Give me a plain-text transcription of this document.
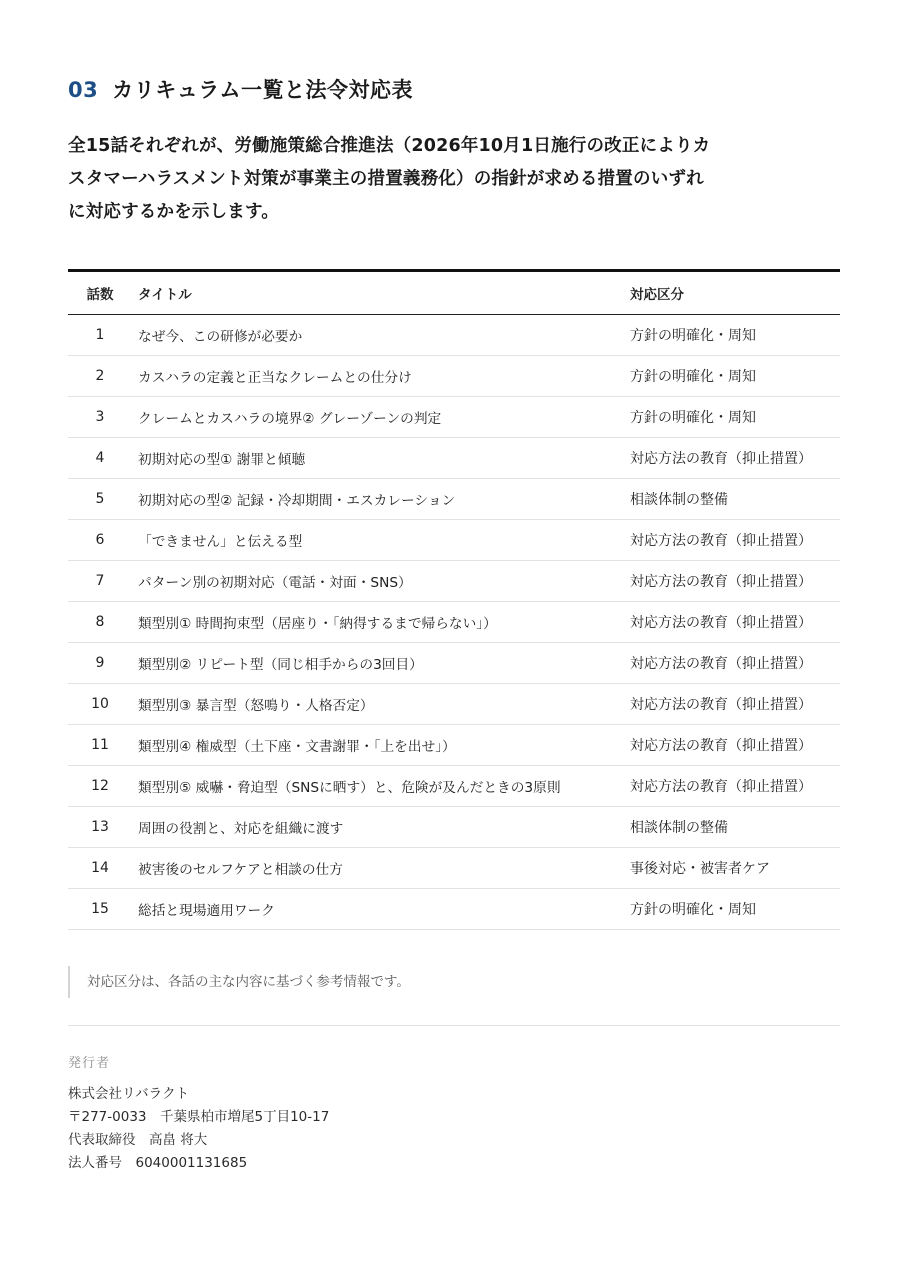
03 カリキュラム一覧と法令対応表
全15話それぞれが、労働施策総合推進法（2026年10月1日施行の改正によりカ
スタマーハラスメント対策が事業主の措置義務化）の指針が求める措置のいずれ
に対応するかを示します。
話数	タイトル	対応区分
1	なぜ今、この研修が必要か	方針の明確化・周知
2	カスハラの定義と正当なクレームとの仕分け	方針の明確化・周知
3	クレームとカスハラの境界② グレーゾーンの判定	方針の明確化・周知
4	初期対応の型① 謝罪と傾聴	対応方法の教育（抑止措置）
5	初期対応の型② 記録・冷却期間・エスカレーション	相談体制の整備
6	「できません」と伝える型	対応方法の教育（抑止措置）
7	パターン別の初期対応（電話・対面・SNS）	対応方法の教育（抑止措置）
8	類型別① 時間拘束型（居座り・「納得するまで帰らない」）	対応方法の教育（抑止措置）
9	類型別② リピート型（同じ相手からの3回目）	対応方法の教育（抑止措置）
10	類型別③ 暴言型（怒鳴り・人格否定）	対応方法の教育（抑止措置）
11	類型別④ 権威型（土下座・文書謝罪・「上を出せ」）	対応方法の教育（抑止措置）
12	類型別⑤ 威嚇・脅迫型（SNSに晒す）と、危険が及んだときの3原則	対応方法の教育（抑止措置）
13	周囲の役割と、対応を組織に渡す	相談体制の整備
14	被害後のセルフケアと相談の仕方	事後対応・被害者ケア
15	総括と現場適用ワーク	方針の明確化・周知
対応区分は、各話の主な内容に基づく参考情報です。
発行者
株式会社リバラクト
〒277-0033　千葉県柏市増尾5丁目10-17
代表取締役　高畠 将大
法人番号　6040001131685
